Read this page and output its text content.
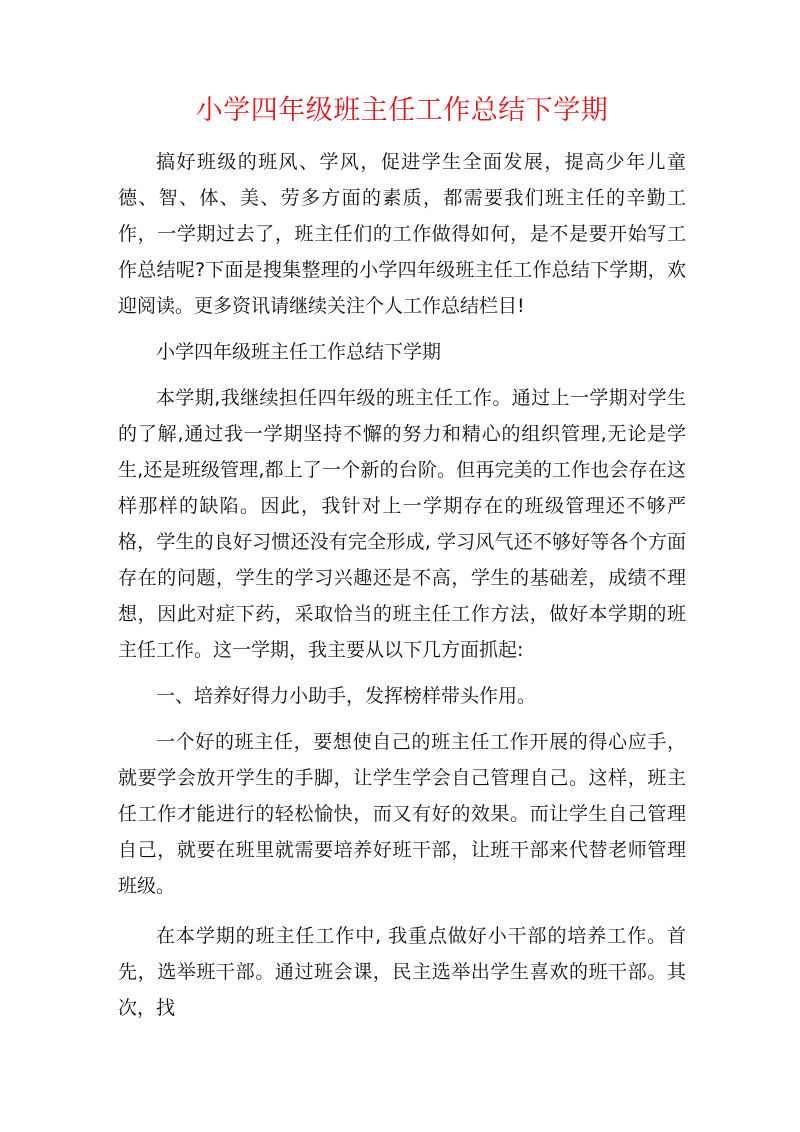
小学四年级班主任工作总结下学期

搞好班级的班风、学风，促进学生全面发展，提高少年儿童德、智、体、美、劳多方面的素质，都需要我们班主任的辛勤工作，一学期过去了，班主任们的工作做得如何，是不是要开始写工作总结呢?下面是搜集整理的小学四年级班主任工作总结下学期，欢迎阅读。更多资讯请继续关注个人工作总结栏目!

小学四年级班主任工作总结下学期

本学期,我继续担任四年级的班主任工作。通过上一学期对学生的了解,通过我一学期坚持不懈的努力和精心的组织管理,无论是学生,还是班级管理,都上了一个新的台阶。但再完美的工作也会存在这样那样的缺陷。因此，我针对上一学期存在的班级管理还不够严格，学生的良好习惯还没有完全形成, 学习风气还不够好等各个方面存在的问题，学生的学习兴趣还是不高，学生的基础差，成绩不理想，因此对症下药，采取恰当的班主任工作方法，做好本学期的班主任工作。这一学期，我主要从以下几方面抓起:

一、培养好得力小助手，发挥榜样带头作用。

一个好的班主任，要想使自己的班主任工作开展的得心应手，就要学会放开学生的手脚，让学生学会自己管理自己。这样，班主任工作才能进行的轻松愉快，而又有好的效果。而让学生自己管理自己，就要在班里就需要培养好班干部，让班干部来代替老师管理班级。

在本学期的班主任工作中, 我重点做好小干部的培养工作。首先，选举班干部。通过班会课，民主选举出学生喜欢的班干部。其次，找
